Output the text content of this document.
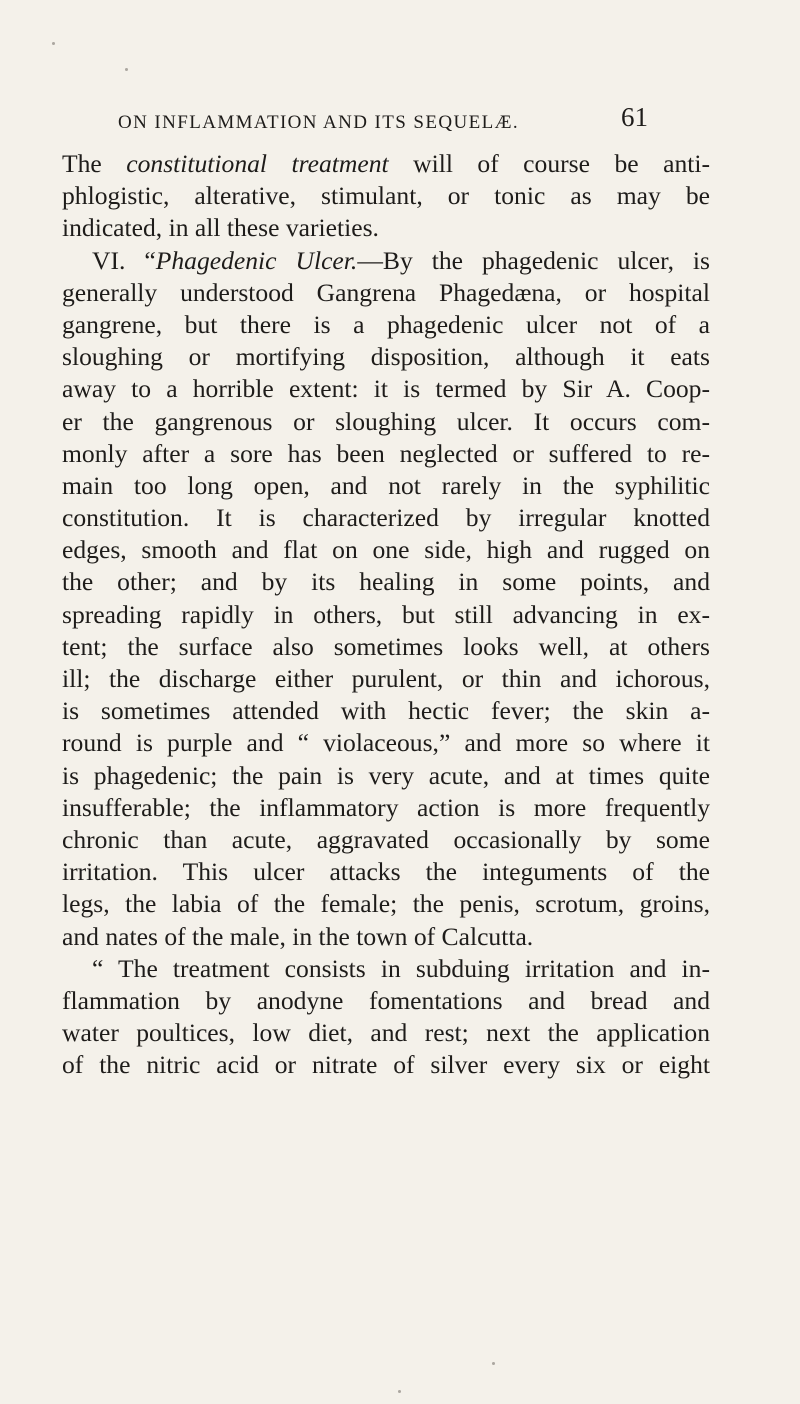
ON INFLAMMATION AND ITS SEQUELÆ.	61
The constitutional treatment will of course be anti-
phlogistic, alterative, stimulant, or tonic as may be
indicated, in all these varieties.
VI. “Phagedenic Ulcer.—By the phagedenic ulcer, is
generally understood Gangrena Phagedæna, or hospital
gangrene, but there is a phagedenic ulcer not of a
sloughing or mortifying disposition, although it eats
away to a horrible extent: it is termed by Sir A. Coop-
er the gangrenous or sloughing ulcer. It occurs com-
monly after a sore has been neglected or suffered to re-
main too long open, and not rarely in the syphilitic
constitution. It is characterized by irregular knotted
edges, smooth and flat on one side, high and rugged on
the other; and by its healing in some points, and
spreading rapidly in others, but still advancing in ex-
tent; the surface also sometimes looks well, at others
ill; the discharge either purulent, or thin and ichorous,
is sometimes attended with hectic fever; the skin a-
round is purple and “ violaceous,” and more so where it
is phagedenic; the pain is very acute, and at times quite
insufferable; the inflammatory action is more frequently
chronic than acute, aggravated occasionally by some
irritation. This ulcer attacks the integuments of the
legs, the labia of the female; the penis, scrotum, groins,
and nates of the male, in the town of Calcutta.
“ The treatment consists in subduing irritation and in-
flammation by anodyne fomentations and bread and
water poultices, low diet, and rest; next the application
of the nitric acid or nitrate of silver every six or eight
